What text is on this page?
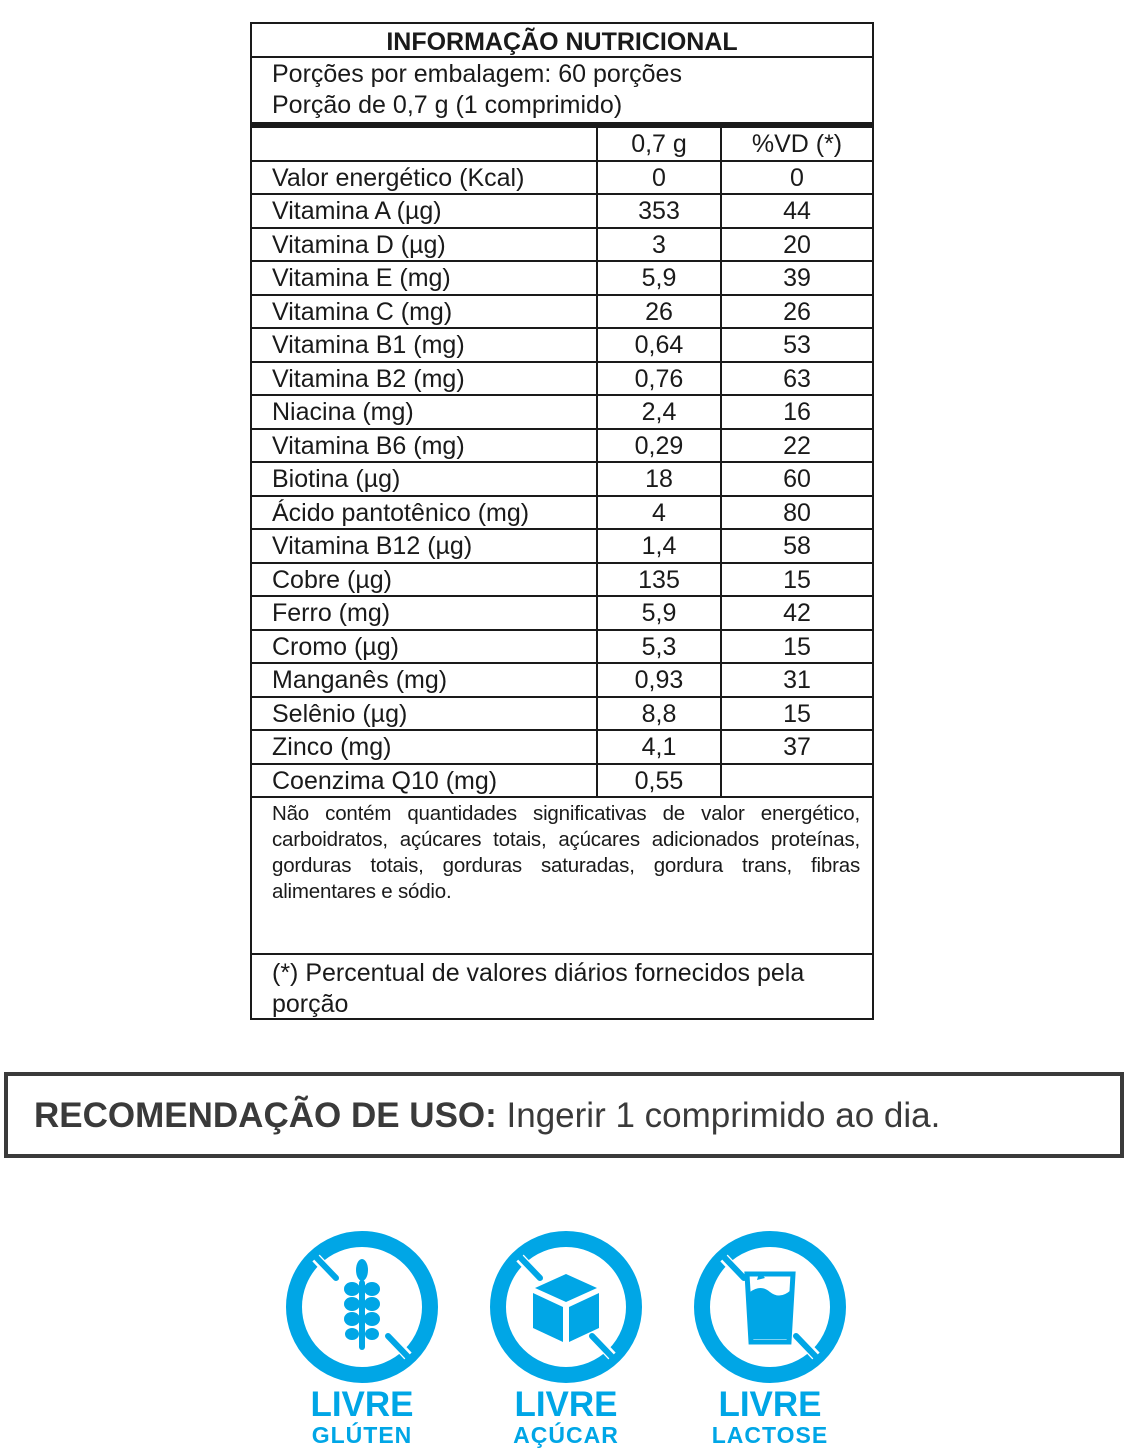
INFORMAÇÃO NUTRICIONAL
Porções por embalagem: 60 porções
Porção de 0,7 g (1 comprimido)
0,7 g	%VD (*)
Valor energético (Kcal)	0	0
Vitamina A (µg)	353	44
Vitamina D (µg)	3	20
Vitamina E (mg)	5,9	39
Vitamina C (mg)	26	26
Vitamina B1 (mg)	0,64	53
Vitamina B2 (mg)	0,76	63
Niacina (mg)	2,4	16
Vitamina B6 (mg)	0,29	22
Biotina (µg)	18	60
Ácido pantotênico (mg)	4	80
Vitamina B12 (µg)	1,4	58
Cobre (µg)	135	15
Ferro (mg)	5,9	42
Cromo (µg)	5,3	15
Manganês (mg)	0,93	31
Selênio (µg)	8,8	15
Zinco (mg)	4,1	37
Coenzima Q10 (mg)	0,55
Não contém quantidades significativas de valor energético, carboidratos, açúcares totais, açúcares adicionados proteínas, gorduras totais, gorduras saturadas, gordura trans, fibras alimentares e sódio.
(*) Percentual de valores diários fornecidos pela porção
RECOMENDAÇÃO DE USO: Ingerir 1 comprimido ao dia.
LIVRE
GLÚTEN
LIVRE
AÇÚCAR
LIVRE
LACTOSE
